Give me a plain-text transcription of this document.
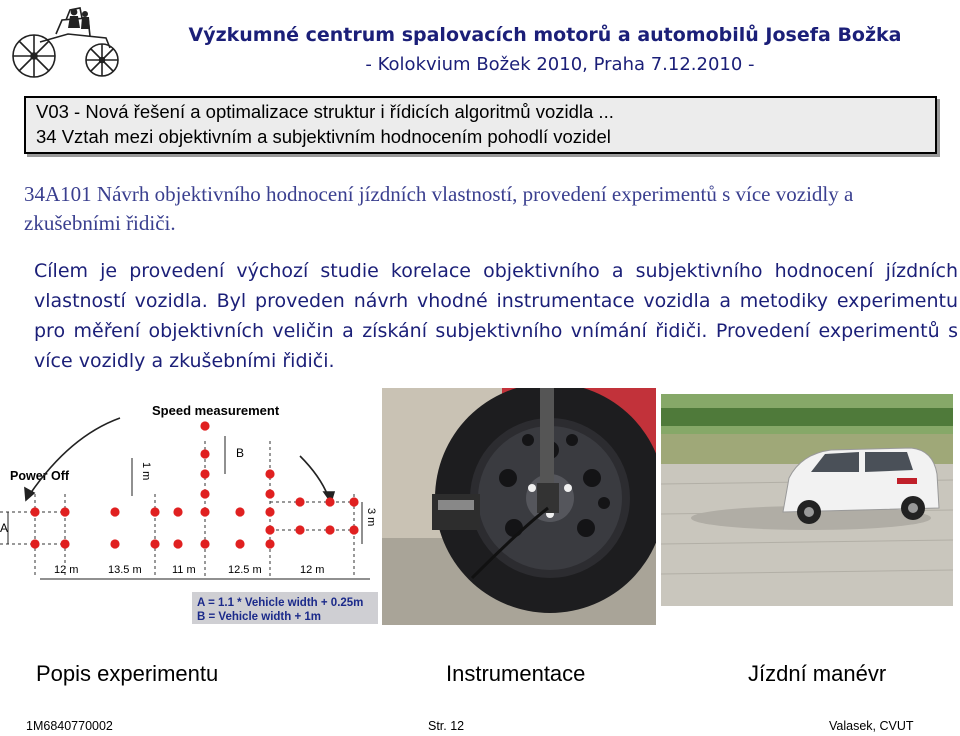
Výzkumné centrum spalovacích motorů a automobilů Josefa Božka
- Kolokvium Božek 2010, Praha 7.12.2010 -
V03 - Nová řešení a optimalizace struktur i řídicích algoritmů vozidla ...
34 Vztah mezi objektivním a subjektivním hodnocením pohodlí vozidel
34A101 Návrh objektivního hodnocení jízdních vlastností, provedení experimentů s více vozidly a zkušebními řidiči.
Cílem je provedení výchozí studie korelace objektivního a subjektivního hodnocení jízdních vlastností vozidla. Byl proveden návrh vhodné instrumentace vozidla a metodiky experimentu pro měření objektivních veličin a získání subjektivního vnímání řidiči. Provedení experimentů s více vozidly a zkušebními řidiči.
Speed measurement
Power Off
A
B
1 m
3 m
12 m	13.5 m	11 m	12.5 m	12 m
A = 1.1 * Vehicle width + 0.25m
B = Vehicle width + 1m
Popis experimentu	Instrumentace	Jízdní manévr
1M6840770002	Str. 12	Valasek, CVUT
